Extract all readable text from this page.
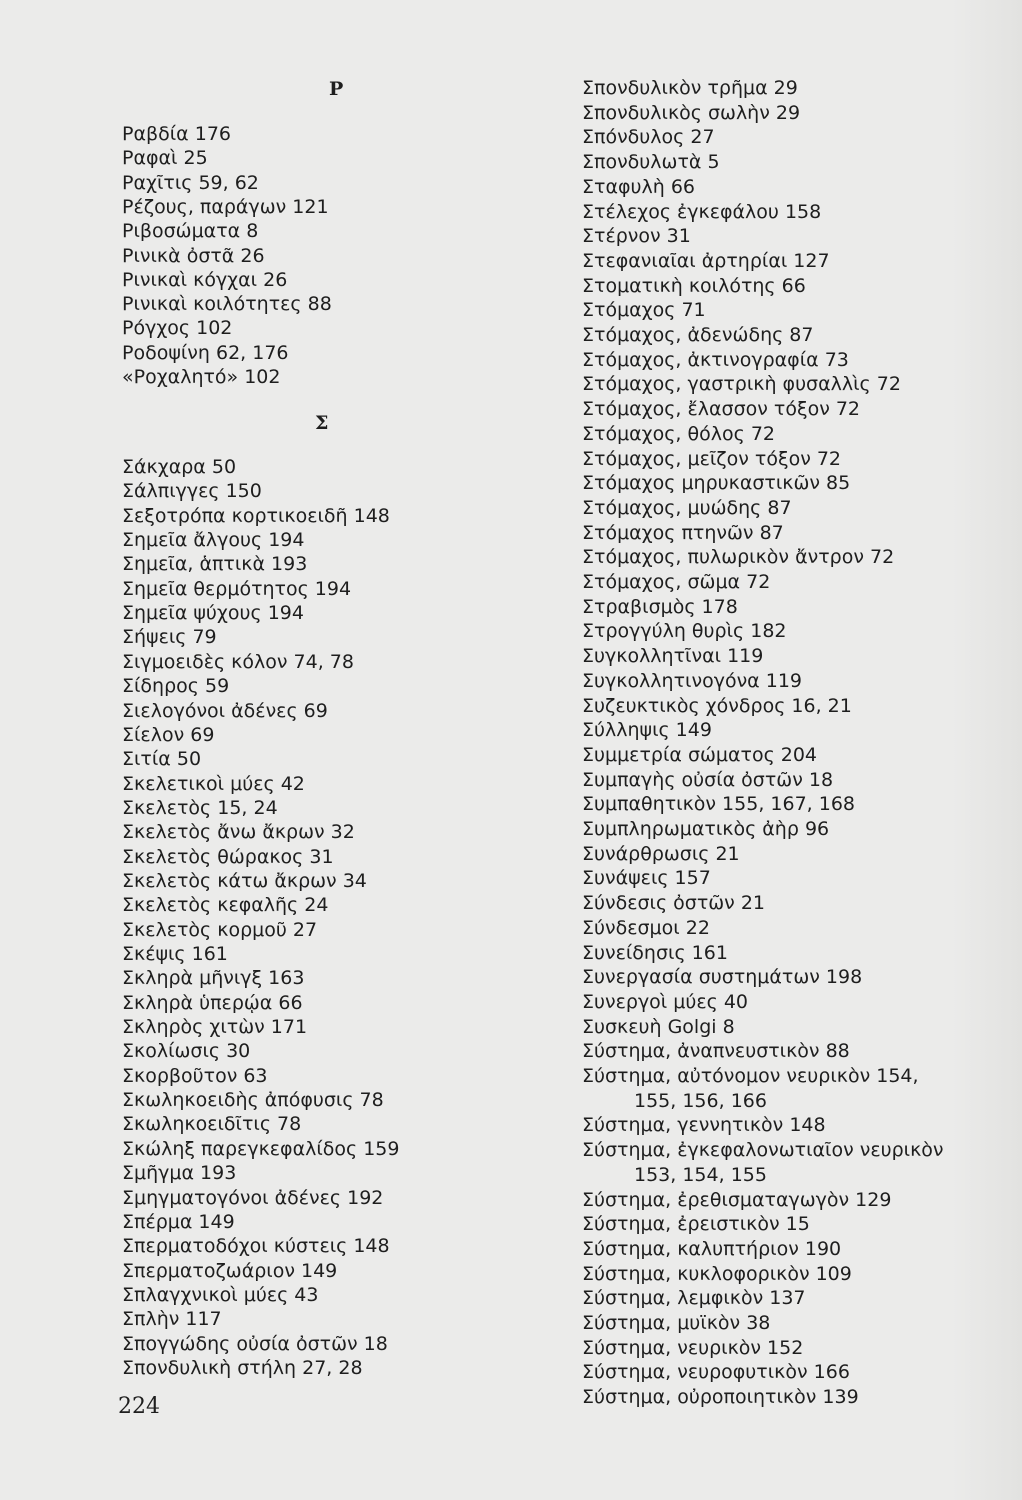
Ρ
Ραβδία 176
Ραφαὶ 25
Ραχῖτις 59, 62
Ρέζους, παράγων 121
Ριβοσώματα 8
Ρινικὰ ὀστᾶ 26
Ρινικαὶ κόγχαι 26
Ρινικαὶ κοιλότητες 88
Ρόγχος 102
Ροδοψίνη 62, 176
«Ροχαλητό» 102
Σ
Σάκχαρα 50
Σάλπιγγες 150
Σεξοτρόπα κορτικοειδῆ 148
Σημεῖα ἄλγους 194
Σημεῖα, ἁπτικὰ 193
Σημεῖα θερμότητος 194
Σημεῖα ψύχους 194
Σήψεις 79
Σιγμοειδὲς κόλον 74, 78
Σίδηρος 59
Σιελογόνοι ἀδένες 69
Σίελον 69
Σιτία 50
Σκελετικοὶ μύες 42
Σκελετὸς 15, 24
Σκελετὸς ἄνω ἄκρων 32
Σκελετὸς θώρακος 31
Σκελετὸς κάτω ἄκρων 34
Σκελετὸς κεφαλῆς 24
Σκελετὸς κορμοῦ 27
Σκέψις 161
Σκληρὰ μῆνιγξ 163
Σκληρὰ ὑπερῴα 66
Σκληρὸς χιτὼν 171
Σκολίωσις 30
Σκορβοῦτον 63
Σκωληκοειδὴς ἀπόφυσις 78
Σκωληκοειδῖτις 78
Σκώληξ παρεγκεφαλίδος 159
Σμῆγμα 193
Σμηγματογόνοι ἀδένες 192
Σπέρμα 149
Σπερματοδόχοι κύστεις 148
Σπερματοζωάριον 149
Σπλαγχνικοὶ μύες 43
Σπλὴν 117
Σπογγώδης οὐσία ὀστῶν 18
Σπονδυλικὴ στήλη 27, 28
Σπονδυλικὸν τρῆμα 29
Σπονδυλικὸς σωλὴν 29
Σπόνδυλος 27
Σπονδυλωτὰ 5
Σταφυλὴ 66
Στέλεχος ἐγκεφάλου 158
Στέρνον 31
Στεφανιαῖαι ἀρτηρίαι 127
Στοματικὴ κοιλότης 66
Στόμαχος 71
Στόμαχος, ἀδενώδης 87
Στόμαχος, ἀκτινογραφία 73
Στόμαχος, γαστρικὴ φυσαλλὶς 72
Στόμαχος, ἔλασσον τόξον 72
Στόμαχος, θόλος 72
Στόμαχος, μεῖζον τόξον 72
Στόμαχος μηρυκαστικῶν 85
Στόμαχος, μυώδης 87
Στόμαχος πτηνῶν 87
Στόμαχος, πυλωρικὸν ἄντρον 72
Στόμαχος, σῶμα 72
Στραβισμὸς 178
Στρογγύλη θυρὶς 182
Συγκολλητῖναι 119
Συγκολλητινογόνα 119
Συζευκτικὸς χόνδρος 16, 21
Σύλληψις 149
Συμμετρία σώματος 204
Συμπαγὴς οὐσία ὀστῶν 18
Συμπαθητικὸν 155, 167, 168
Συμπληρωματικὸς ἀὴρ 96
Συνάρθρωσις 21
Συνάψεις 157
Σύνδεσις ὀστῶν 21
Σύνδεσμοι 22
Συνείδησις 161
Συνεργασία συστημάτων 198
Συνεργοὶ μύες 40
Συσκευὴ Golgi 8
Σύστημα, ἀναπνευστικὸν 88
Σύστημα, αὐτόνομον νευρικὸν 154,
155, 156, 166
Σύστημα, γεννητικὸν 148
Σύστημα, ἐγκεφαλονωτιαῖον νευρικὸν
153, 154, 155
Σύστημα, ἐρεθισματαγωγὸν 129
Σύστημα, ἐρειστικὸν 15
Σύστημα, καλυπτήριον 190
Σύστημα, κυκλοφορικὸν 109
Σύστημα, λεμφικὸν 137
Σύστημα, μυϊκὸν 38
Σύστημα, νευρικὸν 152
Σύστημα, νευροφυτικὸν 166
Σύστημα, οὐροποιητικὸν 139
224
